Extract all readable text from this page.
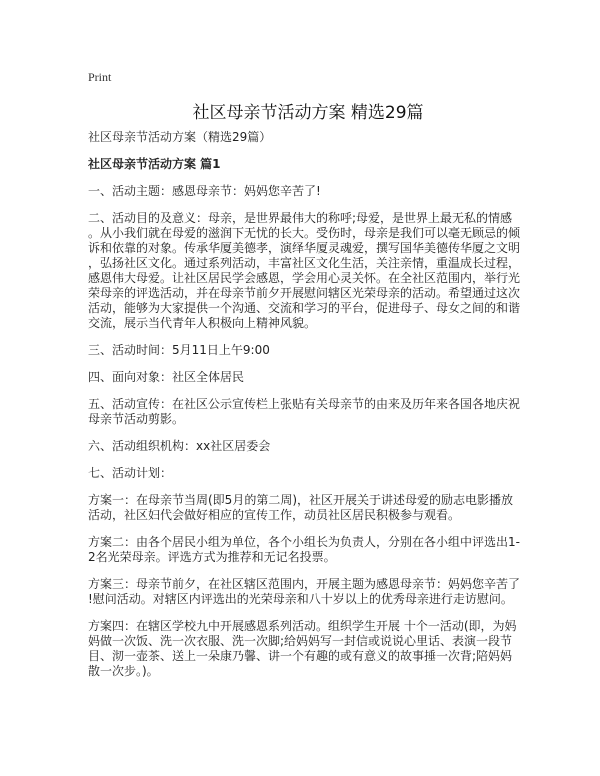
Print
社区母亲节活动方案 精选29篇
社区母亲节活动方案（精选29篇）
社区母亲节活动方案 篇1

一、活动主题：感恩母亲节：妈妈您辛苦了!

二、活动目的及意义：母亲，是世界最伟大的称呼;母爱，是世界上最无私的情感
。从小我们就在母爱的滋润下无忧的长大。受伤时，母亲是我们可以毫无顾忌的倾
诉和依靠的对象。传承华厦美德孝，演绎华厦灵魂爱，撰写国华美德传华厦之文明
，弘扬社区文化。通过系列活动，丰富社区文化生活，关注亲情，重温成长过程，
感恩伟大母爱。让社区居民学会感恩，学会用心灵关怀。在全社区范围内，举行光
荣母亲的评选活动，并在母亲节前夕开展慰问辖区光荣母亲的活动。希望通过这次
活动，能够为大家提供一个沟通、交流和学习的平台，促进母子、母女之间的和谐
交流，展示当代青年人积极向上精神风貌。

三、活动时间：5月11日上午9:00

四、面向对象：社区全体居民

五、活动宣传：在社区公示宣传栏上张贴有关母亲节的由来及历年来各国各地庆祝
母亲节活动剪影。

六、活动组织机构：xx社区居委会

七、活动计划：

方案一：在母亲节当周(即5月的第二周)，社区开展关于讲述母爱的励志电影播放
活动，社区妇代会做好相应的宣传工作，动员社区居民积极参与观看。

方案二：由各个居民小组为单位，各个小组长为负责人，分别在各小组中评选出1-
2名光荣母亲。评选方式为推荐和无记名投票。

方案三：母亲节前夕，在社区辖区范围内，开展主题为感恩母亲节：妈妈您辛苦了
!慰问活动。对辖区内评选出的光荣母亲和八十岁以上的优秀母亲进行走访慰问。

方案四：在辖区学校九中开展感恩系列活动。组织学生开展 十个一活动(即，为妈
妈做一次饭、洗一次衣服、洗一次脚;给妈妈写一封信或说说心里话、表演一段节
目、沏一壶茶、送上一朵康乃馨、讲一个有趣的或有意义的故事捶一次背;陪妈妈
散一次步。)。
